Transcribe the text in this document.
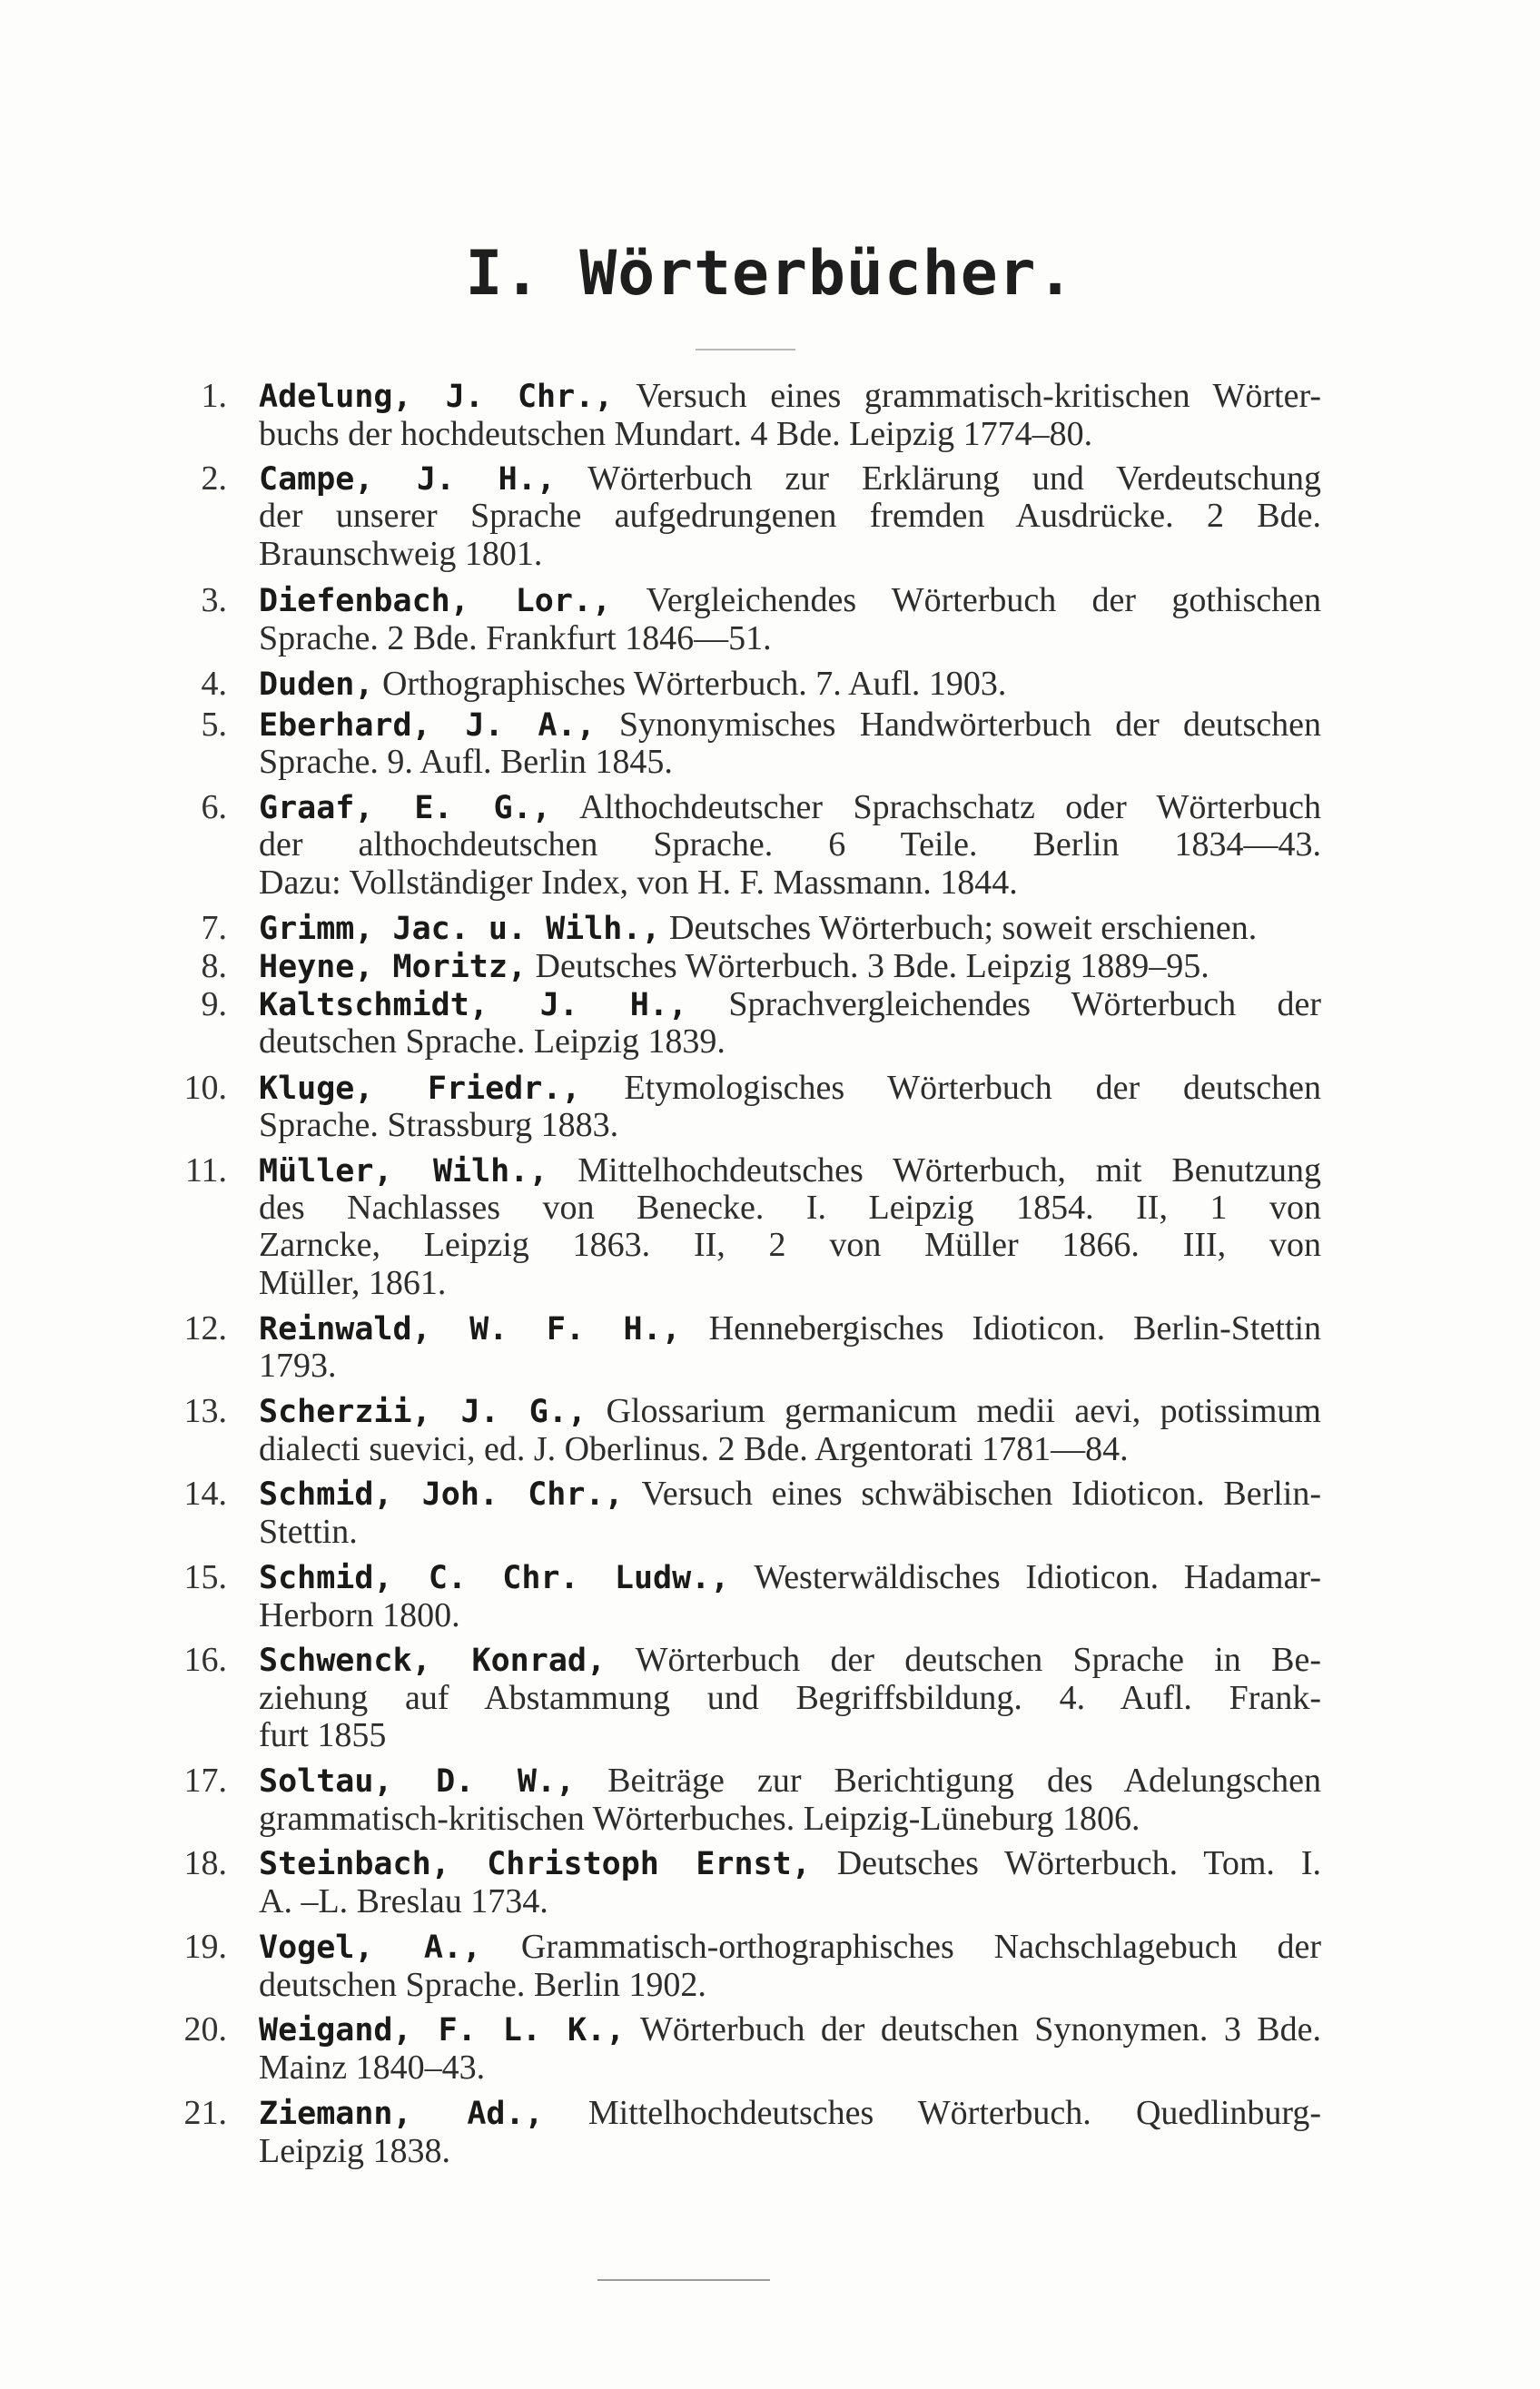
I. Wörterbücher.
1. Adelung, J. Chr., Versuch eines grammatisch-kritischen Wörter-
buchs der hochdeutschen Mundart. 4 Bde. Leipzig 1774–80.
2. Campe, J. H., Wörterbuch zur Erklärung und Verdeutschung
der unserer Sprache aufgedrungenen fremden Ausdrücke. 2 Bde.
Braunschweig 1801.
3. Diefenbach, Lor., Vergleichendes Wörterbuch der gothischen
Sprache. 2 Bde. Frankfurt 1846—51.
4. Duden, Orthographisches Wörterbuch. 7. Aufl. 1903.
5. Eberhard, J. A., Synonymisches Handwörterbuch der deutschen
Sprache. 9. Aufl. Berlin 1845.
6. Graaf, E. G., Althochdeutscher Sprachschatz oder Wörterbuch
der althochdeutschen Sprache. 6 Teile. Berlin 1834—43.
Dazu: Vollständiger Index, von H. F. Massmann. 1844.
7. Grimm, Jac. u. Wilh., Deutsches Wörterbuch; soweit erschienen.
8. Heyne, Moritz, Deutsches Wörterbuch. 3 Bde. Leipzig 1889–95.
9. Kaltschmidt, J. H., Sprachvergleichendes Wörterbuch der
deutschen Sprache. Leipzig 1839.
10. Kluge, Friedr., Etymologisches Wörterbuch der deutschen
Sprache. Strassburg 1883.
11. Müller, Wilh., Mittelhochdeutsches Wörterbuch, mit Benutzung
des Nachlasses von Benecke. I. Leipzig 1854. II, 1 von
Zarncke, Leipzig 1863. II, 2 von Müller 1866. III, von
Müller, 1861.
12. Reinwald, W. F. H., Hennebergisches Idioticon. Berlin-Stettin
1793.
13. Scherzii, J. G., Glossarium germanicum medii aevi, potissimum
dialecti suevici, ed. J. Oberlinus. 2 Bde. Argentorati 1781—84.
14. Schmid, Joh. Chr., Versuch eines schwäbischen Idioticon. Berlin-
Stettin.
15. Schmid, C. Chr. Ludw., Westerwäldisches Idioticon. Hadamar-
Herborn 1800.
16. Schwenck, Konrad, Wörterbuch der deutschen Sprache in Be-
ziehung auf Abstammung und Begriffsbildung. 4. Aufl. Frank-
furt 1855
17. Soltau, D. W., Beiträge zur Berichtigung des Adelungschen
grammatisch-kritischen Wörterbuches. Leipzig-Lüneburg 1806.
18. Steinbach, Christoph Ernst, Deutsches Wörterbuch. Tom. I.
A. –L. Breslau 1734.
19. Vogel, A., Grammatisch-orthographisches Nachschlagebuch der
deutschen Sprache. Berlin 1902.
20. Weigand, F. L. K., Wörterbuch der deutschen Synonymen. 3 Bde.
Mainz 1840–43.
21. Ziemann, Ad., Mittelhochdeutsches Wörterbuch. Quedlinburg-
Leipzig 1838.
